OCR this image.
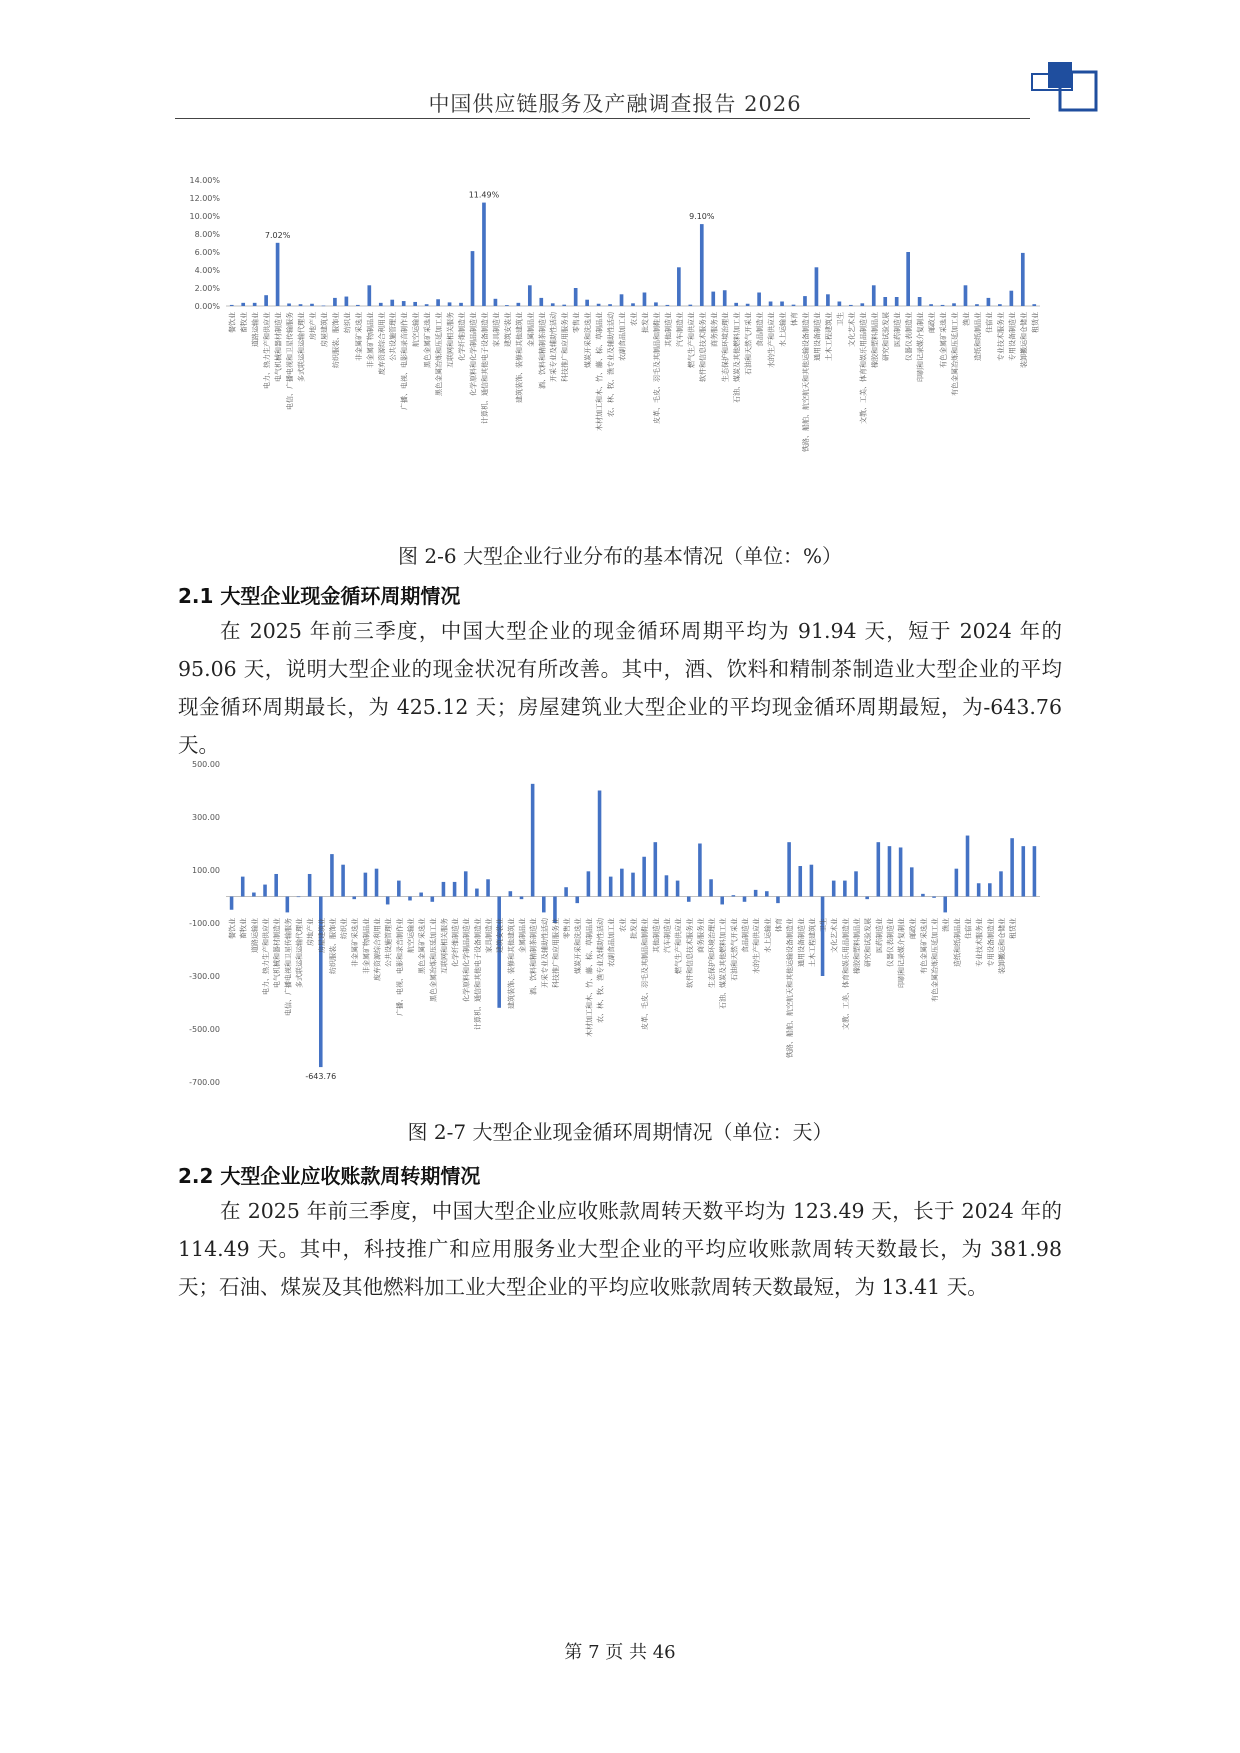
中国供应链服务及产融调查报告 2026
0.00%
2.00%
4.00%
6.00%
8.00%
10.00%
12.00%
14.00%
餐饮业 畜牧业 道路运输业 电力、热力生产和供应业 电气机械和器材制造业 电信、广播电视和卫星传输服务 多式联运和运输代理业 房地产业 房屋建筑业 纺织服装、服饰业 纺织业 非金属矿采选业 非金属矿物制品业 废弃资源综合利用业 公共设施管理业 广播、电视、电影和录音制作业 航空运输业 黑色金属矿采选业 黑色金属冶炼和压延加工业 互联网和相关服务 化学纤维制造业 化学原料和化学制品制造业 计算机、通信和其他电子设备制造业 家具制造业 建筑安装业 建筑装饰、装修和其他建筑业 金属制品业 酒、饮料和精制茶制造业 开采专业及辅助性活动 科技推广和应用服务业 零售业 煤炭开采和洗选业 木材加工和木、竹、藤、棕、草制品业 农、林、牧、渔专业及辅助性活动 农副食品加工业 农业 批发业 皮革、毛皮、羽毛及其制品和制鞋业 其他制造业 汽车制造业 燃气生产和供应业 软件和信息技术服务业 商务服务业 生态保护和环境治理业 石油、煤炭及其他燃料加工业 石油和天然气开采业 食品制造业 水的生产和供应业 水上运输业 体育 铁路、船舶、航空航天和其他运输设备制造业 通用设备制造业 土木工程建筑业 卫生 文化艺术业 文教、工美、体育和娱乐用品制造业 橡胶和塑料制品业 研究和试验发展 医药制造业 仪器仪表制造业 印刷和记录媒介复制业 邮政业 有色金属矿采选业 有色金属冶炼和压延加工业 渔业 造纸和纸制品业 住宿业 专业技术服务业 专用设备制造业 装卸搬运和仓储业 租赁业
7.02%
11.49%
9.10%
图 2-6 大型企业行业分布的基本情况（单位：%）
2.1 大型企业现金循环周期情况

在 2025 年前三季度，中国大型企业的现金循环周期平均为 91.94 天，短于 2024 年的 95.06 天，说明大型企业的现金状况有所改善。其中，酒、饮料和精制茶制造业大型企业的平均现金循环周期最长，为 425.12 天；房屋建筑业大型企业的平均现金循环周期最短，为-643.76 天。

-700.00
-500.00
-300.00
-100.00
100.00
300.00
500.00
餐饮业 畜牧业 道路运输业 电力、热力生产和供应业 电气机械和器材制造业 电信、广播电视和卫星传输服务 多式联运和运输代理业 房地产业 房屋建筑业 纺织服装、服饰业 纺织业 非金属矿采选业 非金属矿物制品业 废弃资源综合利用业 公共设施管理业 广播、电视、电影和录音制作业 航空运输业 黑色金属矿采选业 黑色金属冶炼和压延加工业 互联网和相关服务 化学纤维制造业 化学原料和化学制品制造业 计算机、通信和其他电子设备制造业 家具制造业 建筑安装业 建筑装饰、装修和其他建筑业 金属制品业 酒、饮料和精制茶制造业 开采专业及辅助性活动 科技推广和应用服务业 零售业 煤炭开采和洗选业 木材加工和木、竹、藤、棕、草制品业 农、林、牧、渔专业及辅助性活动 农副食品加工业 农业 批发业 皮革、毛皮、羽毛及其制品和制鞋业 其他制造业 汽车制造业 燃气生产和供应业 软件和信息技术服务业 商务服务业 生态保护和环境治理业 石油、煤炭及其他燃料加工业 石油和天然气开采业 食品制造业 水的生产和供应业 水上运输业 体育 铁路、船舶、航空航天和其他运输设备制造业 通用设备制造业 土木工程建筑业 卫生 文化艺术业 文教、工美、体育和娱乐用品制造业 橡胶和塑料制品业 研究和试验发展 医药制造业 仪器仪表制造业 印刷和记录媒介复制业 邮政业 有色金属矿采选业 有色金属冶炼和压延加工业 渔业 造纸和纸制品业 住宿业 专业技术服务业 专用设备制造业 装卸搬运和仓储业 租赁业
-643.76
图 2-7 大型企业现金循环周期情况（单位：天）
2.2 大型企业应收账款周转期情况

在 2025 年前三季度，中国大型企业应收账款周转天数平均为 123.49 天，长于 2024 年的 114.49 天。其中，科技推广和应用服务业大型企业的平均应收账款周转天数最长，为 381.98 天；石油、煤炭及其他燃料加工业大型企业的平均应收账款周转天数最短，为 13.41 天。

第 7 页 共 46
